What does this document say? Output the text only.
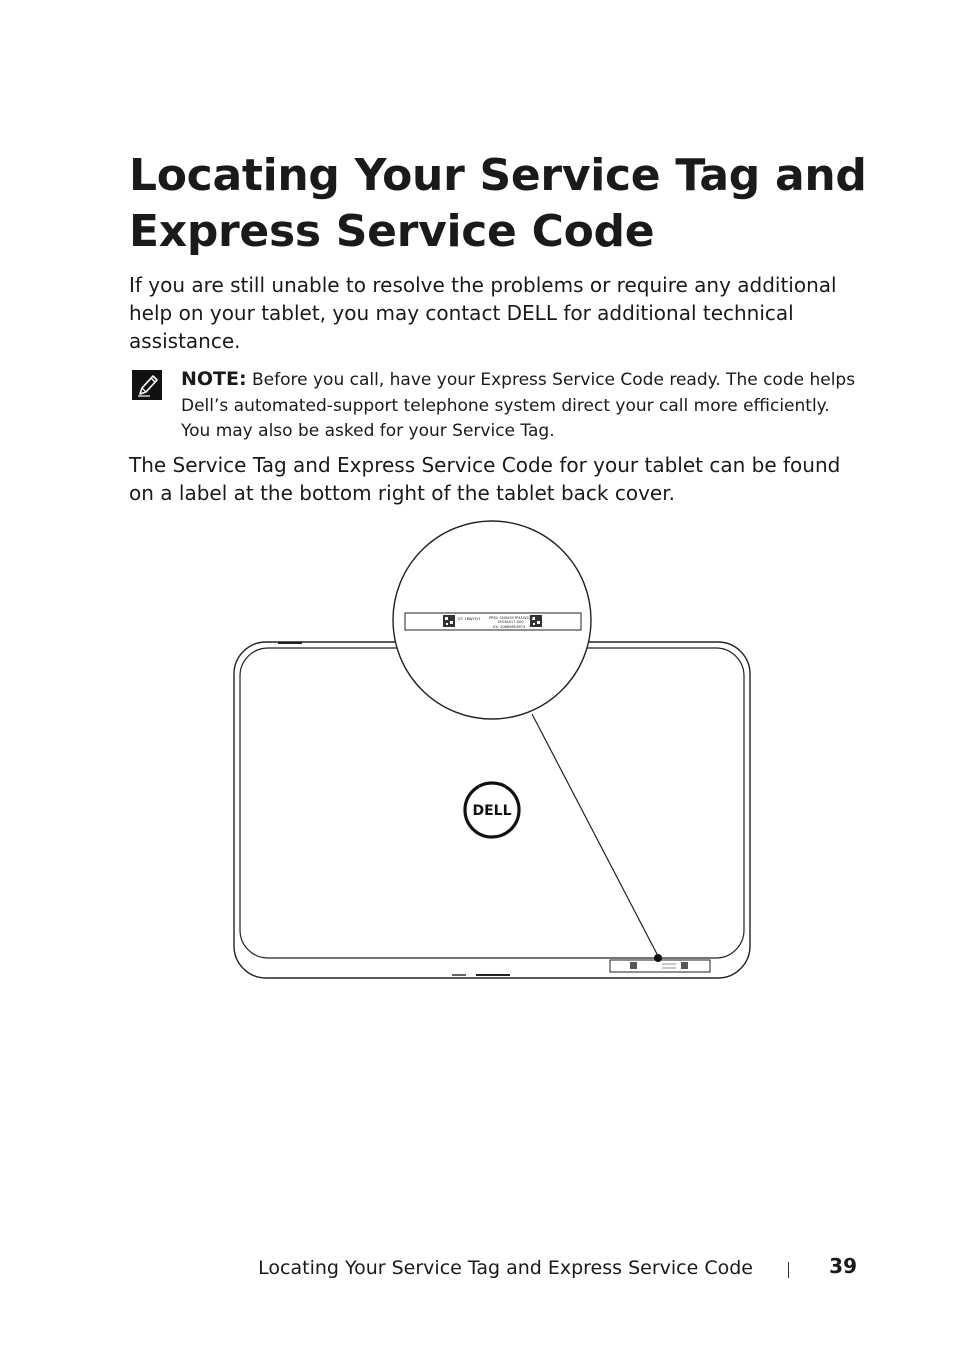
Locating Your Service Tag and Express Service Code

If you are still unable to resolve the problems or require any additional help on your tablet, you may contact DELL for additional technical assistance.

NOTE: Before you call, have your Express Service Code ready. The code helps Dell’s automated-support telephone system direct your call more efficiently. You may also be asked for your Service Tag.

The Service Tag and Express Service Code for your tablet can be found on a label at the bottom right of the tablet back cover.

DELL
ST: 1BWYLY1 PPID: CN0X5Y7P41W211
1903A017 A00
EX: 10669852673
Locating Your Service Tag and Express Service Code	39
